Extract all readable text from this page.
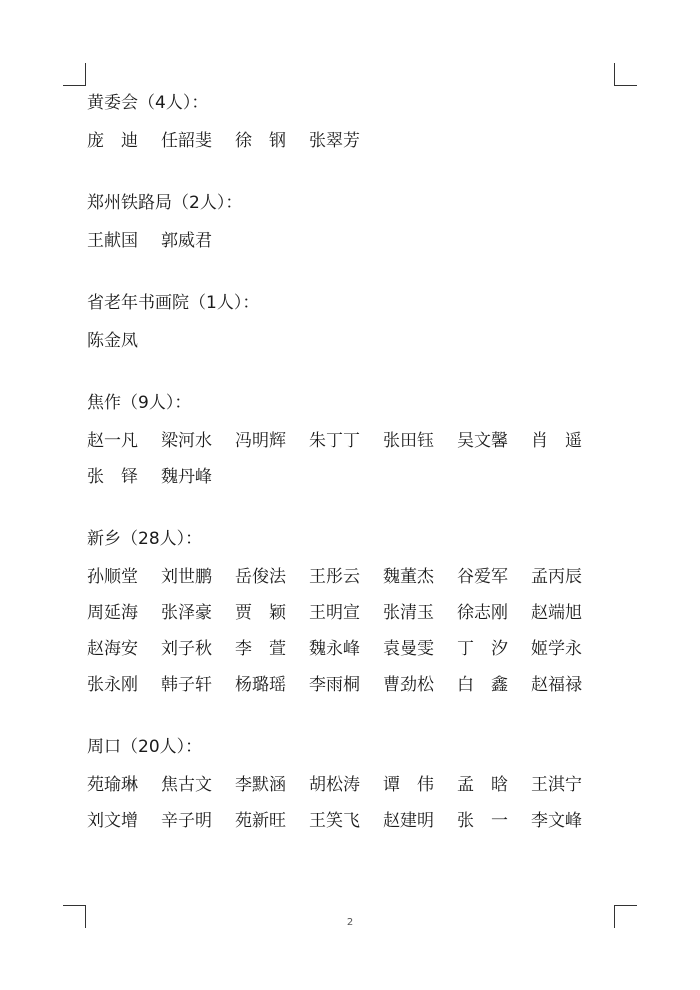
黄委会（4人）：
庞　迪	任韶斐	徐　钢	张翠芳
郑州铁路局（2人）：
王献国	郭威君
省老年书画院（1人）：
陈金凤
焦作（9人）：
赵一凡	梁河水	冯明辉	朱丁丁	张田钰	吴文馨	肖　遥
张　铎	魏丹峰
新乡（28人）：
孙顺堂	刘世鹏	岳俊法	王彤云	魏董杰	谷爱军	孟丙辰
周延海	张泽豪	贾　颖	王明宣	张清玉	徐志刚	赵端旭
赵海安	刘子秋	李　萱	魏永峰	袁曼雯	丁　汐	姬学永
张永刚	韩子轩	杨璐瑶	李雨桐	曹劲松	白　鑫	赵福禄
周口（20人）：
苑瑜琳	焦古文	李默涵	胡松涛	谭　伟	孟　晗	王淇宁
刘文增	辛子明	苑新旺	王笑飞	赵建明	张　一	李文峰
2
